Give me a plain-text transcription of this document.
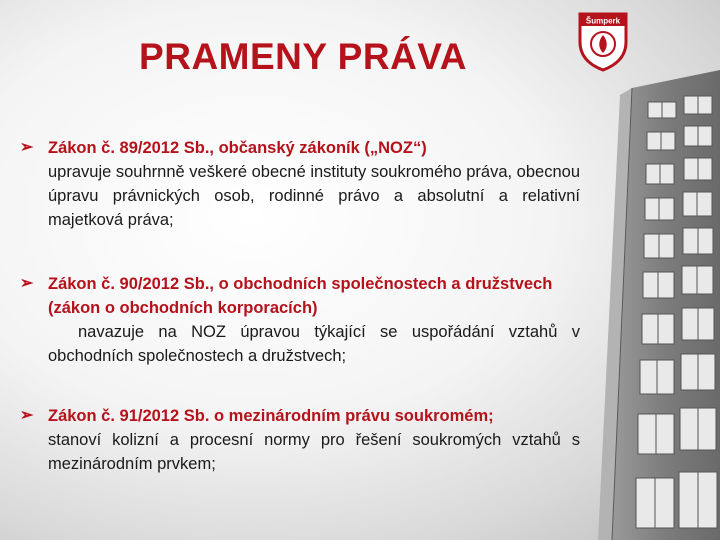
Šumperk
PRAMENY PRÁVA
➢ Zákon č. 89/2012 Sb., občanský zákoník („NOZ“)
upravuje souhrnně veškeré obecné instituty soukromého práva, obecnou úpravu právnických osob, rodinné právo a absolutní a relativní majetková práva;
➢ Zákon č. 90/2012 Sb., o obchodních společnostech a družstvech (zákon o obchodních korporacích)
navazuje na NOZ úpravou týkající se uspořádání vztahů v obchodních společnostech a družstvech;
➢ Zákon č. 91/2012 Sb. o mezinárodním právu soukromém;
stanoví kolizní a procesní normy pro řešení soukromých vztahů s mezinárodním prvkem;
